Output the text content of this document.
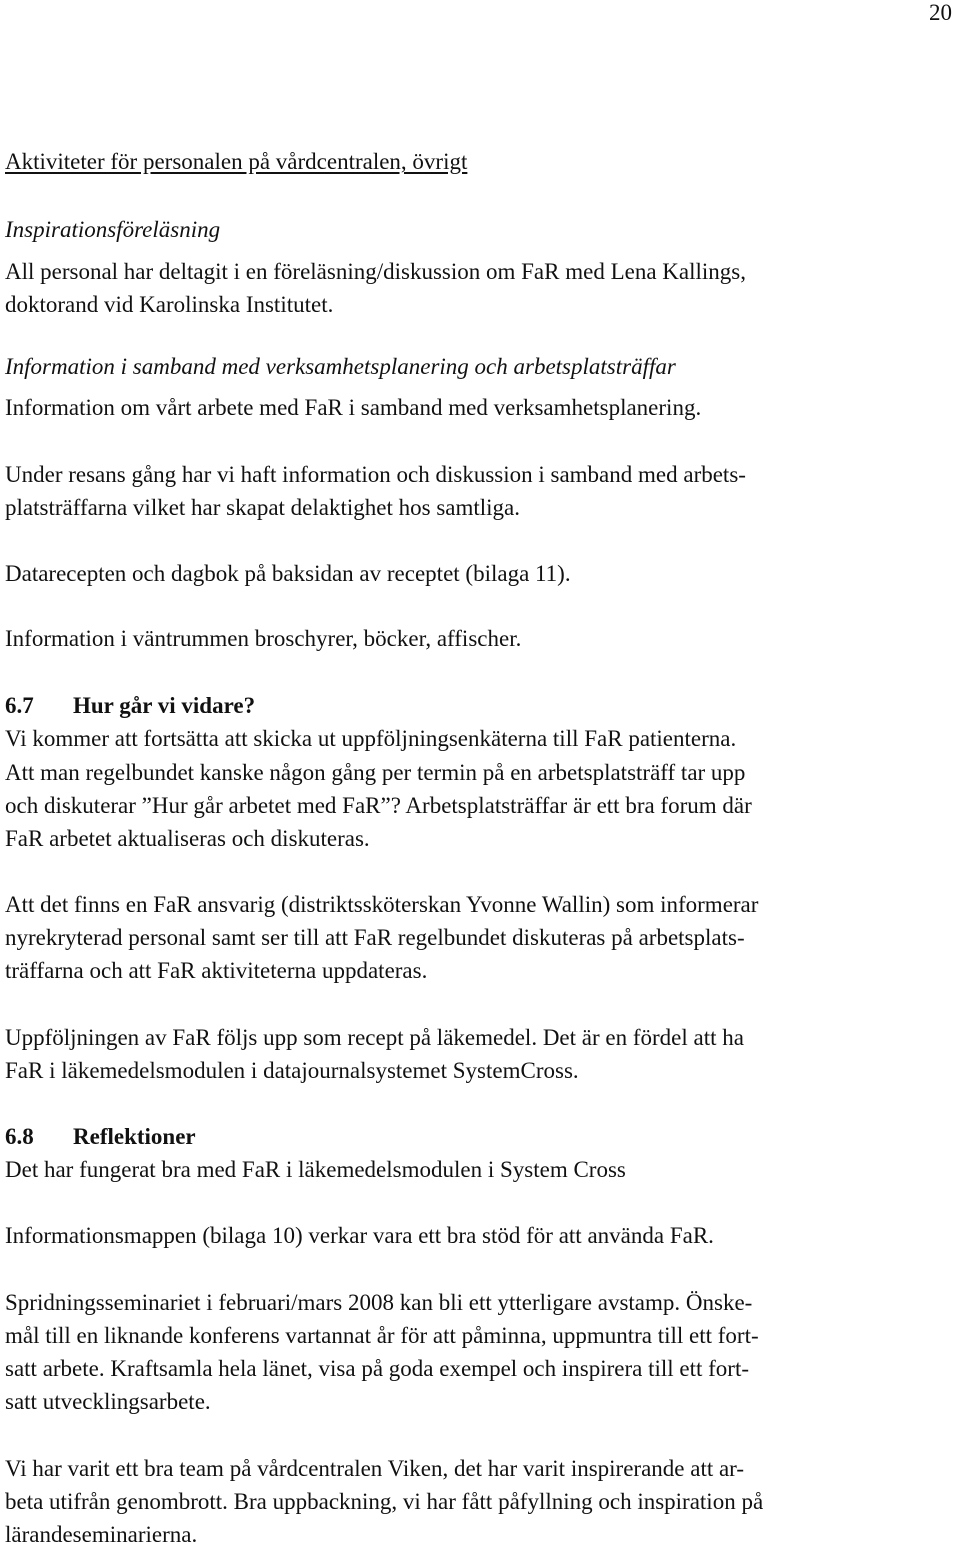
20
Aktiviteter för personalen på vårdcentralen, övrigt
Inspirationsföreläsning
All personal har deltagit i en föreläsning/diskussion om FaR med Lena Kallings,
doktorand vid Karolinska Institutet.
Information i samband med verksamhetsplanering och arbetsplatsträffar
Information om vårt arbete med FaR i samband med verksamhetsplanering.
Under resans gång har vi haft information och diskussion i samband med arbets-
platsträffarna vilket har skapat delaktighet hos samtliga.
Datarecepten och dagbok på baksidan av receptet (bilaga 11).
Information i väntrummen broschyrer, böcker, affischer.
6.7 Hur går vi vidare?
Vi kommer att fortsätta att skicka ut uppföljningsenkäterna till FaR patienterna.
Att man regelbundet kanske någon gång per termin på en arbetsplatsträff tar upp
och diskuterar ”Hur går arbetet med FaR”? Arbetsplatsträffar är ett bra forum där
FaR arbetet aktualiseras och diskuteras.
Att det finns en FaR ansvarig (distriktssköterskan Yvonne Wallin) som informerar
nyrekryterad personal samt ser till att FaR regelbundet diskuteras på arbetsplats-
träffarna och att FaR aktiviteterna uppdateras.
Uppföljningen av FaR följs upp som recept på läkemedel. Det är en fördel att ha
FaR i läkemedelsmodulen i datajournalsystemet SystemCross.
6.8 Reflektioner
Det har fungerat bra med FaR i läkemedelsmodulen i System Cross
Informationsmappen (bilaga 10) verkar vara ett bra stöd för att använda FaR.
Spridningsseminariet i februari/mars 2008 kan bli ett ytterligare avstamp. Önske-
mål till en liknande konferens vartannat år för att påminna, uppmuntra till ett fort-
satt arbete. Kraftsamla hela länet, visa på goda exempel och inspirera till ett fort-
satt utvecklingsarbete.
Vi har varit ett bra team på vårdcentralen Viken, det har varit inspirerande att ar-
beta utifrån genombrott. Bra uppbackning, vi har fått påfyllning och inspiration på
lärandeseminarierna.
